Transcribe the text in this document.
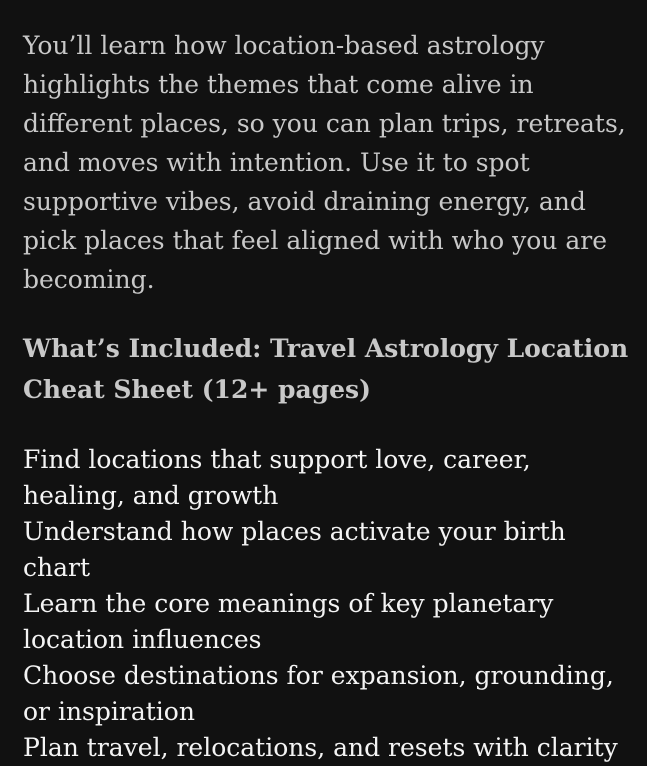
You’ll learn how location-based astrology highlights the themes that come alive in different places, so you can plan trips, retreats, and moves with intention. Use it to spot supportive vibes, avoid draining energy, and pick places that feel aligned with who you are becoming.

What’s Included: Travel Astrology Location Cheat Sheet (12+ pages)

Find locations that support love, career, healing, and growth
Understand how places activate your birth chart
Learn the core meanings of key planetary location influences
Choose destinations for expansion, grounding, or inspiration
Plan travel, relocations, and resets with clarity
